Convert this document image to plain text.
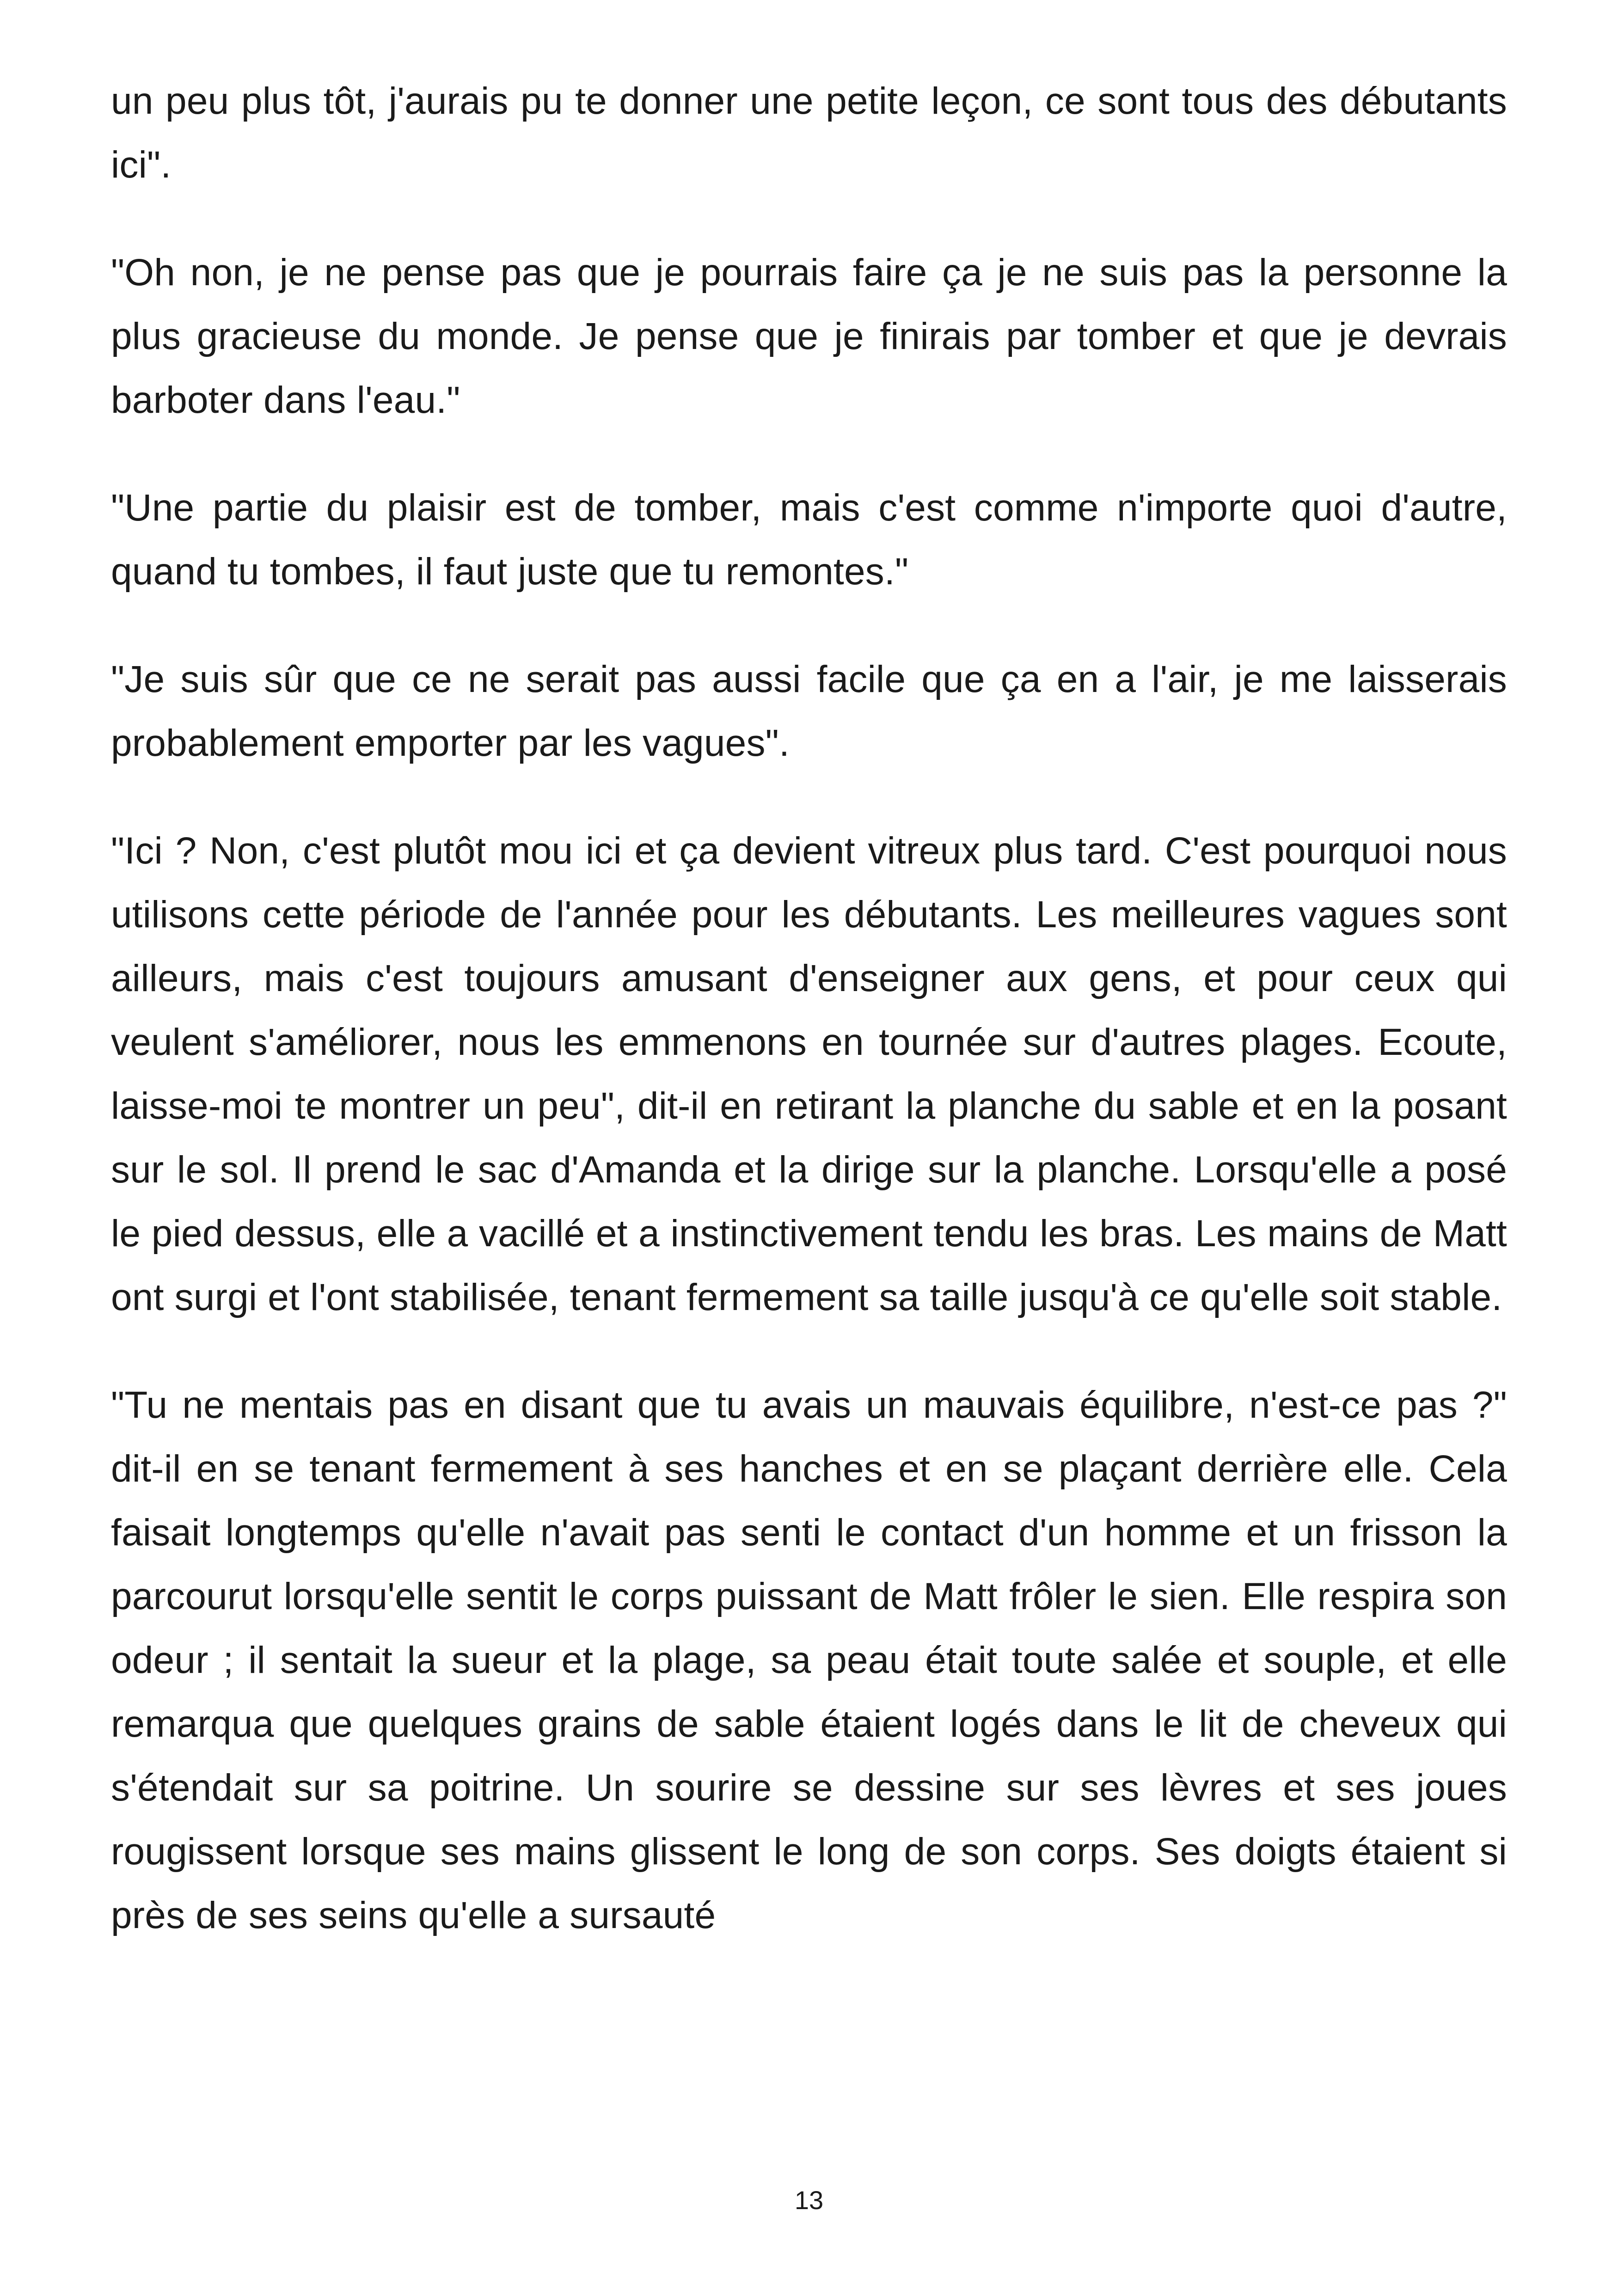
un peu plus tôt, j'aurais pu te donner une petite leçon, ce sont tous des débutants ici".

"Oh non, je ne pense pas que je pourrais faire ça je ne suis pas la personne la plus gracieuse du monde. Je pense que je finirais par tomber et que je devrais barboter dans l'eau."

"Une partie du plaisir est de tomber, mais c'est comme n'importe quoi d'autre, quand tu tombes, il faut juste que tu remontes."

"Je suis sûr que ce ne serait pas aussi facile que ça en a l'air, je me laisserais probablement emporter par les vagues".

"Ici ? Non, c'est plutôt mou ici et ça devient vitreux plus tard. C'est pourquoi nous utilisons cette période de l'année pour les débutants. Les meilleures vagues sont ailleurs, mais c'est toujours amusant d'enseigner aux gens, et pour ceux qui veulent s'améliorer, nous les emmenons en tournée sur d'autres plages. Ecoute, laisse-moi te montrer un peu", dit-il en retirant la planche du sable et en la posant sur le sol. Il prend le sac d'Amanda et la dirige sur la planche. Lorsqu'elle a posé le pied dessus, elle a vacillé et a instinctivement tendu les bras. Les mains de Matt ont surgi et l'ont stabilisée, tenant fermement sa taille jusqu'à ce qu'elle soit stable.

"Tu ne mentais pas en disant que tu avais un mauvais équilibre, n'est-ce pas ?" dit-il en se tenant fermement à ses hanches et en se plaçant derrière elle. Cela faisait longtemps qu'elle n'avait pas senti le contact d'un homme et un frisson la parcourut lorsqu'elle sentit le corps puissant de Matt frôler le sien. Elle respira son odeur ; il sentait la sueur et la plage, sa peau était toute salée et souple, et elle remarqua que quelques grains de sable étaient logés dans le lit de cheveux qui s'étendait sur sa poitrine. Un sourire se dessine sur ses lèvres et ses joues rougissent lorsque ses mains glissent le long de son corps. Ses doigts étaient si près de ses seins qu'elle a sursauté

13
